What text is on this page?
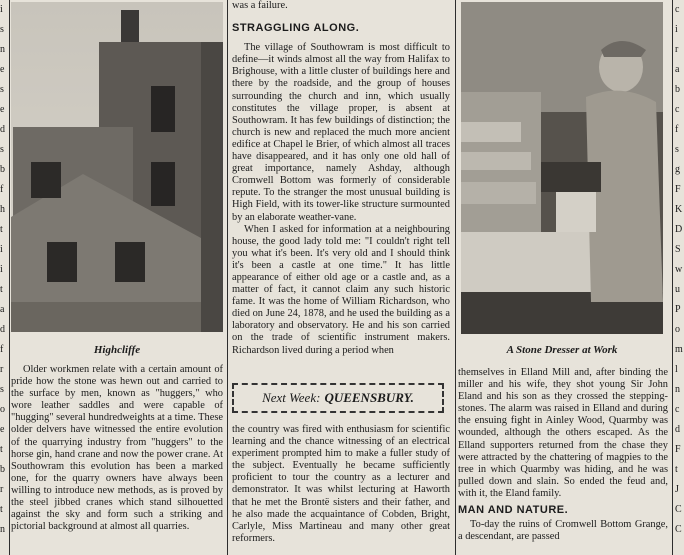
i
s
n
e
s
e
d
s
b
f
h
t
i
i
t
a
d
f
r
s
o
e
t
b
r
t
n
Highcliffe

Older workmen relate with a certain amount of pride how the stone was hewn out and carried to the surface by men, known as "huggers," who wore leather saddles and were capable of "hugging" several hundredweights at a time. These older delvers have witnessed the entire evolution of the quarrying industry from "huggers" to the horse gin, hand crane and now the power crane. At Southowram this evolution has been a marked one, for the quarry owners have always been willing to introduce new methods, as is proved by the steel jibbed cranes which stand silhouetted against the sky and form such a striking and pictorial background at almost all quarries.

was a failure.

STRAGGLING ALONG.

The village of Southowram is most difficult to define—it winds almost all the way from Halifax to Brighouse, with a little cluster of buildings here and there by the roadside, and the group of houses surrounding the church and inn, which usually constitutes the village proper, is absent at Southowram. It has few buildings of distinction; the church is new and replaced the much more ancient edifice at Chapel le Brier, of which almost all traces have disappeared, and it has only one old hall of great importance, namely Ashday, although Cromwell Bottom was formerly of considerable repute. To the stranger the most unusual building is High Field, with its tower-like structure surmounted by an elaborate weather-vane.

When I asked for information at a neighbouring house, the good lady told me: "I couldn't right tell you what it's been. It's very old and I should think it's been a castle at one time." It has little appearance of either old age or a castle and, as a matter of fact, it cannot claim any such historic fame. It was the home of William Richardson, who died on June 24, 1878, and he used the building as a laboratory and observatory. He and his son carried on the trade of scientific instrument makers. Richardson lived during a period when

Next Week: QUEENSBURY.

the country was fired with enthusiasm for scientific learning and the chance witnessing of an electrical experiment prompted him to make a fuller study of the subject. Eventually he became sufficiently proficient to tour the country as a lecturer and demonstrator. It was whilst lecturing at Haworth that he met the Brontë sisters and their father, and he also made the acquaintance of Cobden, Bright, Carlyle, Miss Martineau and many other great reformers.

A Stone Dresser at Work

themselves in Elland Mill and, after binding the miller and his wife, they shot young Sir John Eland and his son as they crossed the stepping-stones. The alarm was raised in Elland and during the ensuing fight in Ainley Wood, Quarmby was wounded, although the others escaped. As the Elland supporters returned from the chase they were attracted by the chattering of magpies to the tree in which Quarmby was hiding, and he was pulled down and slain. So ended the feud and, with it, the Eland family.

MAN AND NATURE.

To-day the ruins of Cromwell Bottom Grange, a descendant, are passed

c
i
r
a
b
c
f
s
g
F
K
D
S
w
u
P
o
m
l
n
c
d
F
t
J
C
C
